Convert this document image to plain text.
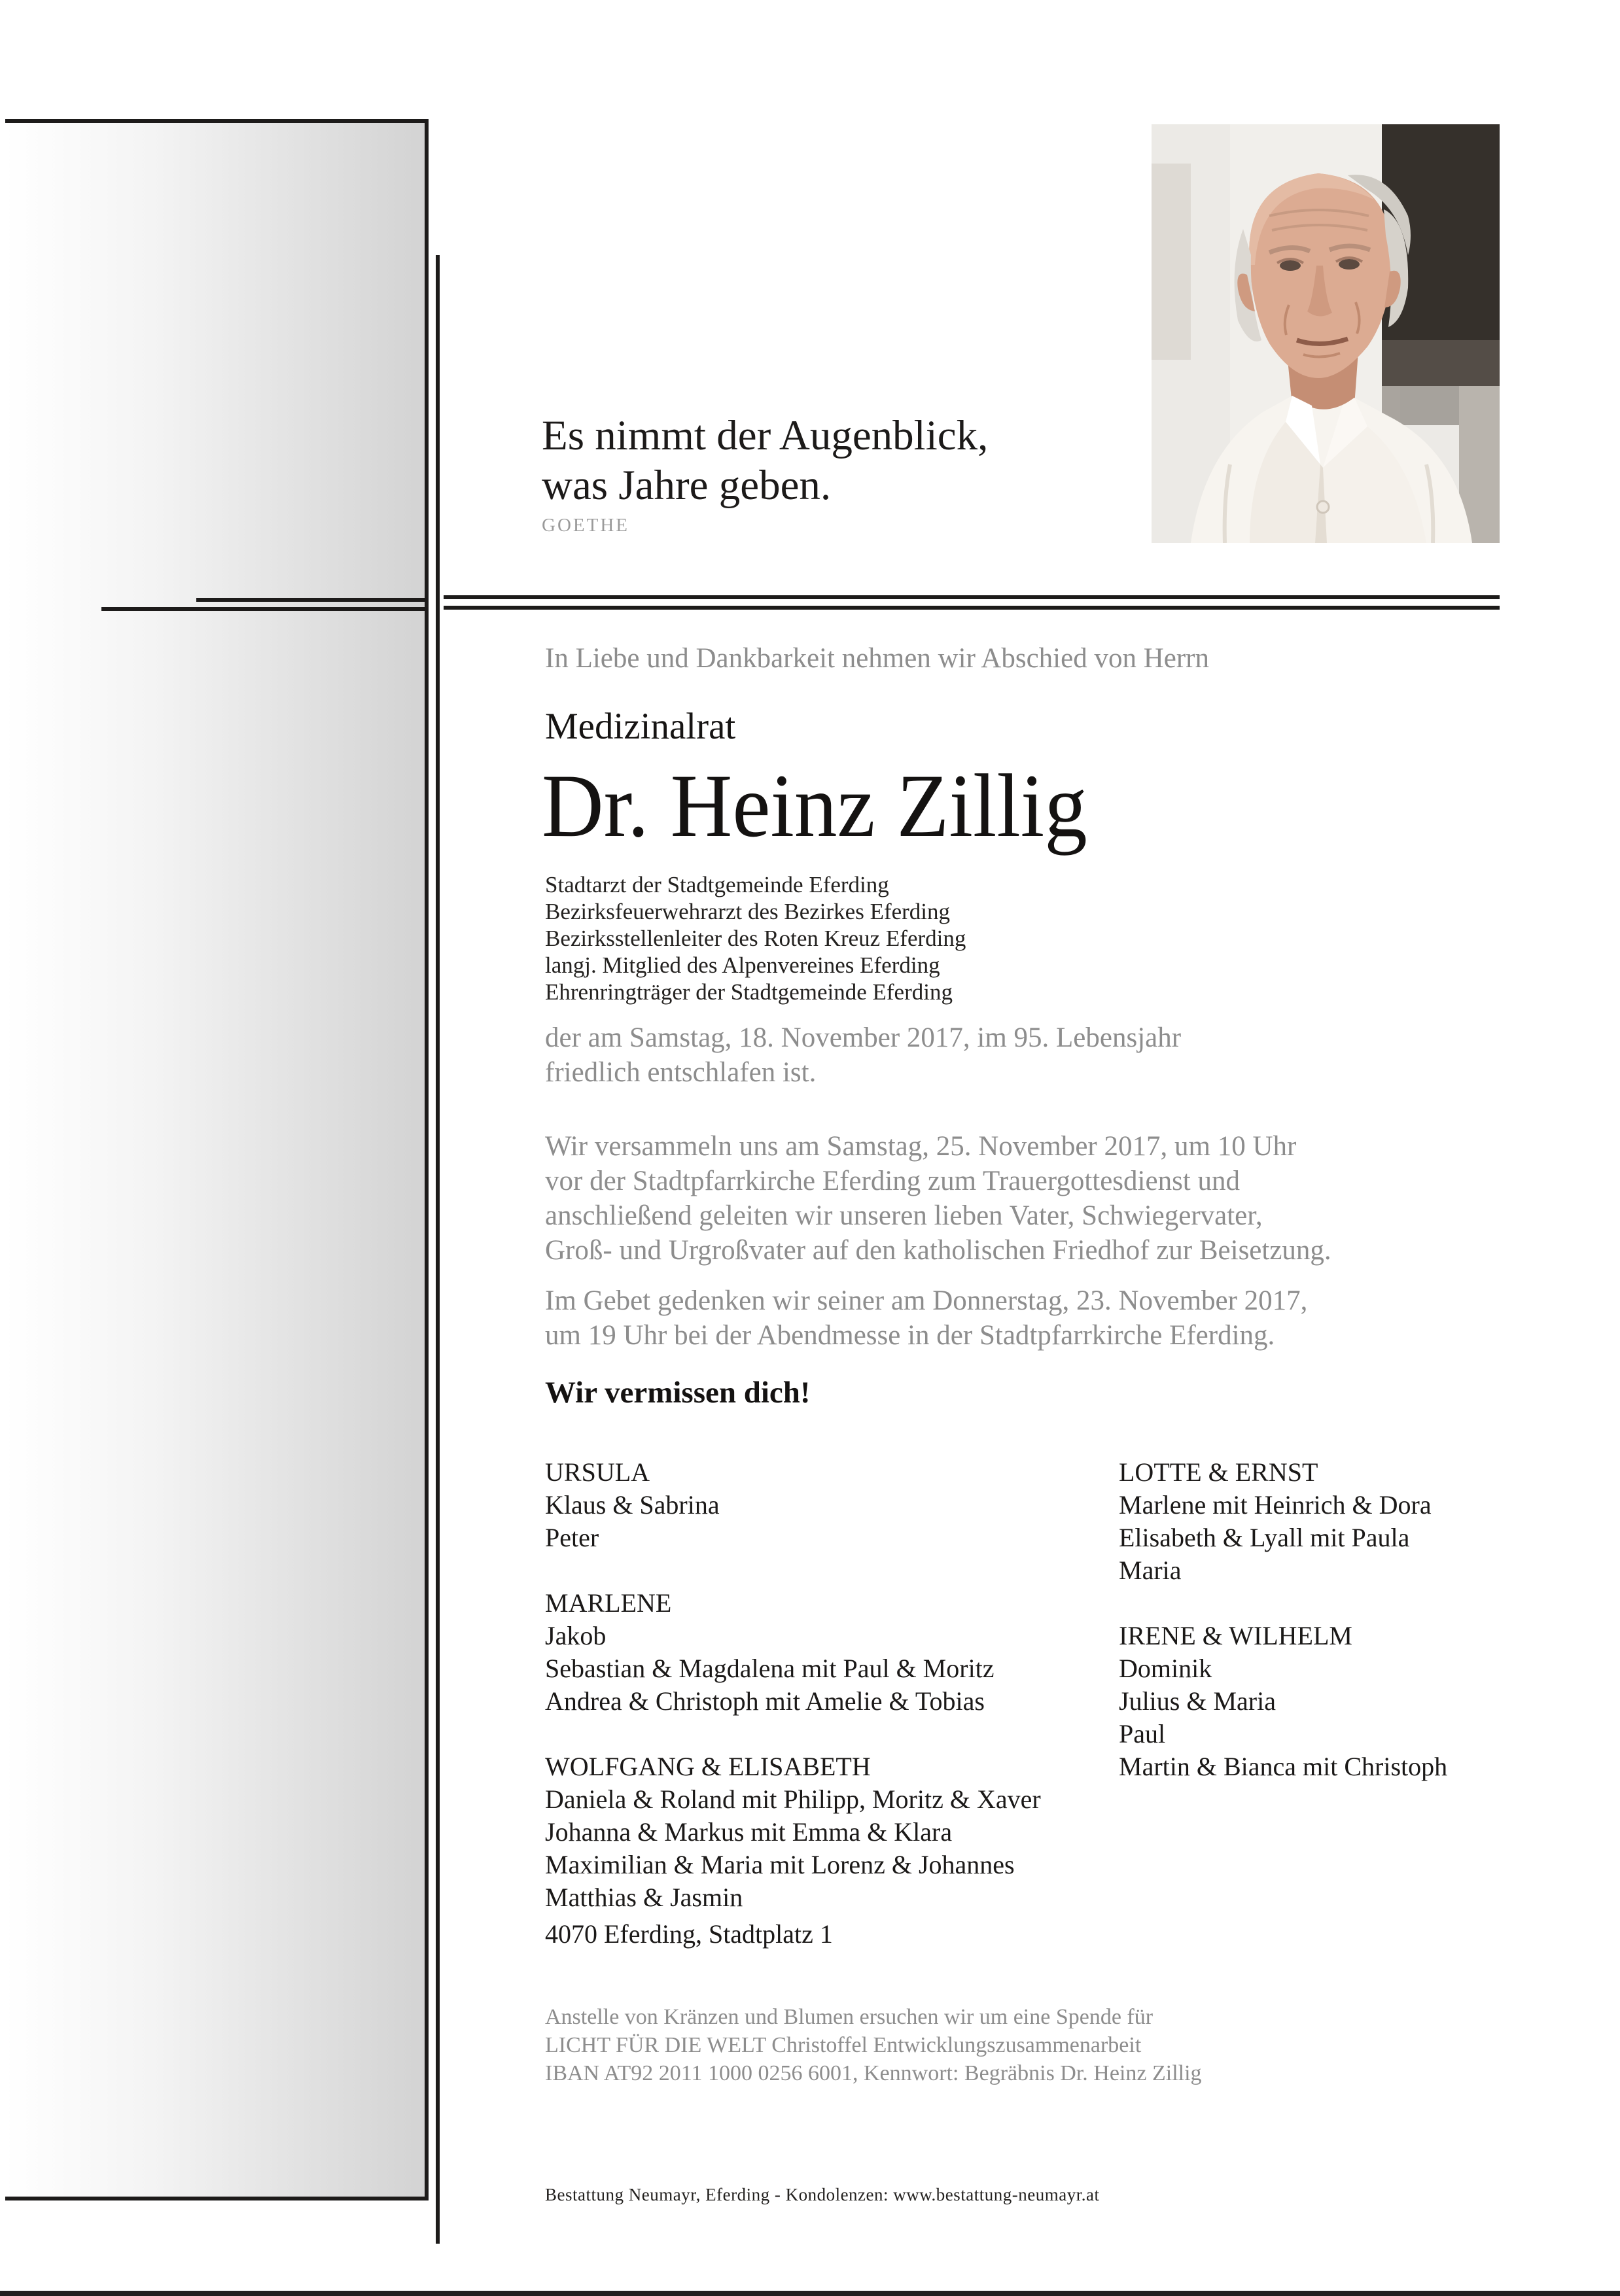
Es nimmt der Augenblick,
was Jahre geben.
GOETHE
In Liebe und Dankbarkeit nehmen wir Abschied von Herrn
Medizinalrat
Dr. Heinz Zillig
Stadtarzt der Stadtgemeinde Eferding
Bezirksfeuerwehrarzt des Bezirkes Eferding
Bezirksstellenleiter des Roten Kreuz Eferding
langj. Mitglied des Alpenvereines Eferding
Ehrenringträger der Stadtgemeinde Eferding
der am Samstag, 18. November 2017, im 95. Lebensjahr
friedlich entschlafen ist.
Wir versammeln uns am Samstag, 25. November 2017, um 10 Uhr
vor der Stadtpfarrkirche Eferding zum Trauergottesdienst und
anschließend geleiten wir unseren lieben Vater, Schwiegervater,
Groß- und Urgroßvater auf den katholischen Friedhof zur Beisetzung.
Im Gebet gedenken wir seiner am Donnerstag, 23. November 2017,
um 19 Uhr bei der Abendmesse in der Stadtpfarrkirche Eferding.
Wir vermissen dich!
URSULA
Klaus & Sabrina
Peter
MARLENE
Jakob
Sebastian & Magdalena mit Paul & Moritz
Andrea & Christoph mit Amelie & Tobias
WOLFGANG & ELISABETH
Daniela & Roland mit Philipp, Moritz & Xaver
Johanna & Markus mit Emma & Klara
Maximilian & Maria mit Lorenz & Johannes
Matthias & Jasmin
LOTTE & ERNST
Marlene mit Heinrich & Dora
Elisabeth & Lyall mit Paula
Maria
IRENE & WILHELM
Dominik
Julius & Maria
Paul
Martin & Bianca mit Christoph
4070 Eferding, Stadtplatz 1
Anstelle von Kränzen und Blumen ersuchen wir um eine Spende für
LICHT FÜR DIE WELT Christoffel Entwicklungszusammenarbeit
IBAN AT92 2011 1000 0256 6001, Kennwort: Begräbnis Dr. Heinz Zillig
Bestattung Neumayr, Eferding - Kondolenzen: www.bestattung-neumayr.at
